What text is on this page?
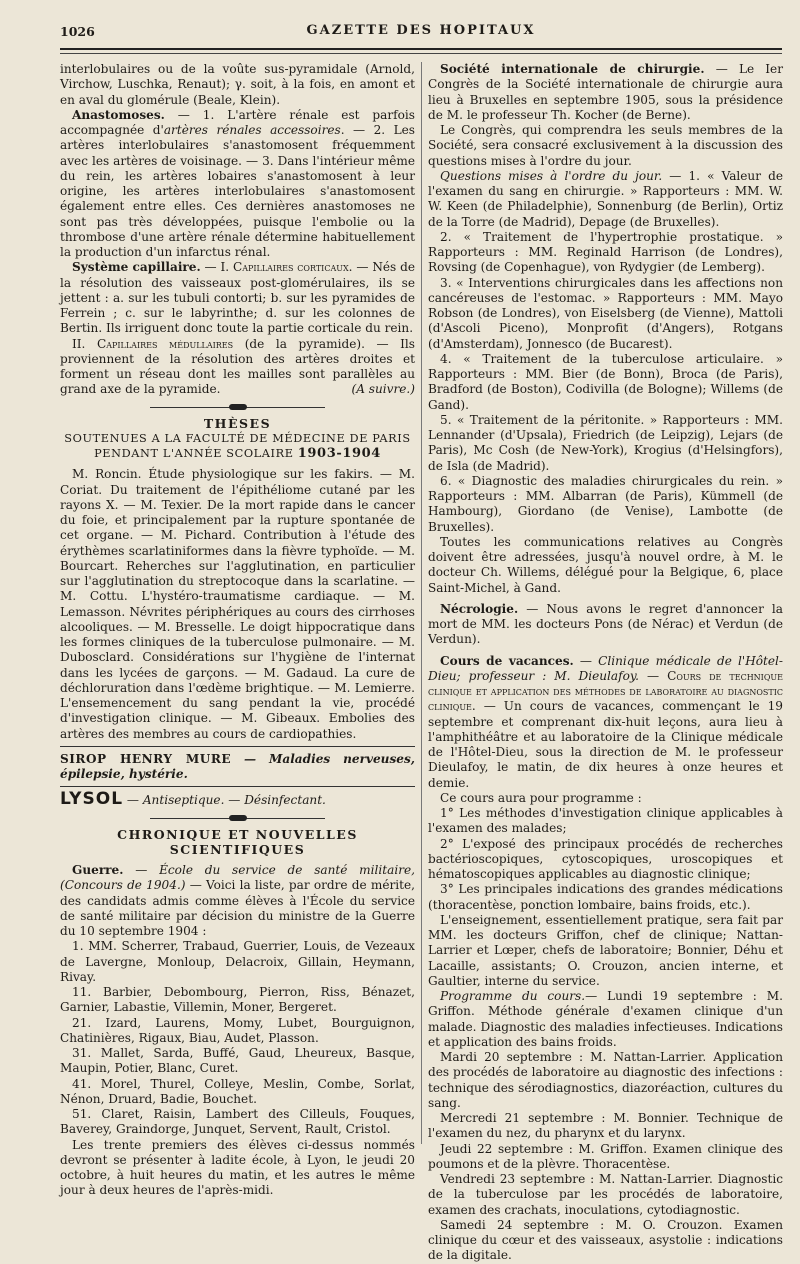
1026	GAZETTE DES HOPITAUX

interlobulaires ou de la voûte sus-pyramidale (Arnold, Virchow, Luschka, Renaut); γ. soit, à la fois, en amont et en aval du glomérule (Beale, Klein).

Anastomoses. — 1. L'artère rénale est parfois accompagnée d'artères rénales accessoires. — 2. Les artères interlobulaires s'anastomosent fréquemment avec les artères de voisinage. — 3. Dans l'intérieur même du rein, les artères lobaires s'anastomosent à leur origine, les artères interlobulaires s'anastomosent également entre elles. Ces dernières anastomoses ne sont pas très développées, puisque l'embolie ou la thrombose d'une artère rénale détermine habituellement la production d'un infarctus rénal.

Système capillaire. — I. Capillaires corticaux. — Nés de la résolution des vaisseaux post-glomérulaires, ils se jettent : a. sur les tubuli contorti; b. sur les pyramides de Ferrein ; c. sur le labyrinthe; d. sur les colonnes de Bertin. Ils irriguent donc toute la partie corticale du rein.

II. Capillaires médullaires (de la pyramide). — Ils proviennent de la résolution des artères droites et forment un réseau dont les mailles sont parallèles au grand axe de la pyramide.	(A suivre.)

THÈSES
SOUTENUES A LA FACULTÉ DE MÉDECINE DE PARIS
PENDANT L'ANNÉE SCOLAIRE 1903-1904

M. Roncin. Étude physiologique sur les fakirs. — M. Coriat. Du traitement de l'épithéliome cutané par les rayons X. — M. Texier. De la mort rapide dans le cancer du foie, et principalement par la rupture spontanée de cet organe. — M. Pichard. Contribution à l'étude des érythèmes scarlatiniformes dans la fièvre typhoïde. — M. Bourcart. Reherches sur l'agglutination, en particulier sur l'agglutination du streptocoque dans la scarlatine. — M. Cottu. L'hystéro-traumatisme cardiaque. — M. Lemasson. Névrites périphériques au cours des cirrhoses alcooliques. — M. Bresselle. Le doigt hippocratique dans les formes cliniques de la tuberculose pulmonaire. — M. Dubosclard. Considérations sur l'hygiène de l'internat dans les lycées de garçons. — M. Gadaud. La cure de déchloruration dans l'œdème brightique. — M. Lemierre. L'ensemencement du sang pendant la vie, procédé d'investigation clinique. — M. Gibeaux. Embolies des artères des membres au cours de cardiopathies.

SIROP HENRY MURE — Maladies nerveuses, épilepsie, hystérie.

LYSOL — Antiseptique. — Désinfectant.

CHRONIQUE ET NOUVELLES SCIENTIFIQUES

Guerre. — École du service de santé militaire, (Concours de 1904.) — Voici la liste, par ordre de mérite, des candidats admis comme élèves à l'École du service de santé militaire par décision du ministre de la Guerre du 10 septembre 1904 :

1. MM. Scherrer, Trabaud, Guerrier, Louis, de Vezeaux de Lavergne, Monloup, Delacroix, Gillain, Heymann, Rivay.

11. Barbier, Debombourg, Pierron, Riss, Bénazet, Garnier, Labastie, Villemin, Moner, Bergeret.

21. Izard, Laurens, Momy, Lubet, Bourguignon, Chatinières, Rigaux, Biau, Audet, Plasson.

31. Mallet, Sarda, Buffé, Gaud, Lheureux, Basque, Maupin, Potier, Blanc, Curet.

41. Morel, Thurel, Colleye, Meslin, Combe, Sorlat, Nénon, Druard, Badie, Bouchet.

51. Claret, Raisin, Lambert des Cilleuls, Fouques, Baverey, Graindorge, Junquet, Servent, Rault, Cristol.

Les trente premiers des élèves ci-dessus nommés devront se présenter à ladite école, à Lyon, le jeudi 20 octobre, à huit heures du matin, et les autres le même jour à deux heures de l'après-midi.

Société internationale de chirurgie. — Le Ier Congrès de la Société internationale de chirurgie aura lieu à Bruxelles en septembre 1905, sous la présidence de M. le professeur Th. Kocher (de Berne).

Le Congrès, qui comprendra les seuls membres de la Société, sera consacré exclusivement à la discussion des questions mises à l'ordre du jour.

Questions mises à l'ordre du jour. — 1. « Valeur de l'examen du sang en chirurgie. » Rapporteurs : MM. W. W. Keen (de Philadelphie), Sonnenburg (de Berlin), Ortiz de la Torre (de Madrid), Depage (de Bruxelles).

2. « Traitement de l'hypertrophie prostatique. » Rapporteurs : MM. Reginald Harrison (de Londres), Rovsing (de Copenhague), von Rydygier (de Lemberg).

3. « Interventions chirurgicales dans les affections non cancéreuses de l'estomac. » Rapporteurs : MM. Mayo Robson (de Londres), von Eiselsberg (de Vienne), Mattoli (d'Ascoli Piceno), Monprofit (d'Angers), Rotgans (d'Amsterdam), Jonnesco (de Bucarest).

4. « Traitement de la tuberculose articulaire. » Rapporteurs : MM. Bier (de Bonn), Broca (de Paris), Bradford (de Boston), Codivilla (de Bologne); Willems (de Gand).

5. « Traitement de la péritonite. » Rapporteurs : MM. Lennander (d'Upsala), Friedrich (de Leipzig), Lejars (de Paris), Mc Cosh (de New-York), Krogius (d'Helsingfors), de Isla (de Madrid).

6. « Diagnostic des maladies chirurgicales du rein. » Rapporteurs : MM. Albarran (de Paris), Kümmell (de Hambourg), Giordano (de Venise), Lambotte (de Bruxelles).

Toutes les communications relatives au Congrès doivent être adressées, jusqu'à nouvel ordre, à M. le docteur Ch. Willems, délégué pour la Belgique, 6, place Saint-Michel, à Gand.

Nécrologie. — Nous avons le regret d'annoncer la mort de MM. les docteurs Pons (de Nérac) et Verdun (de Verdun).

Cours de vacances. — Clinique médicale de l'Hôtel-Dieu; professeur : M. Dieulafoy. — Cours de technique clinique et application des méthodes de laboratoire au diagnostic clinique. — Un cours de vacances, commençant le 19 septembre et comprenant dix-huit leçons, aura lieu à l'amphithéâtre et au laboratoire de la Clinique médicale de l'Hôtel-Dieu, sous la direction de M. le professeur Dieulafoy, le matin, de dix heures à onze heures et demie.

Ce cours aura pour programme :

1° Les méthodes d'investigation clinique applicables à l'examen des malades;

2° L'exposé des principaux procédés de recherches bactérioscopiques, cytoscopiques, uroscopiques et hématoscopiques applicables au diagnostic clinique;

3° Les principales indications des grandes médications (thoracentèse, ponction lombaire, bains froids, etc.).

L'enseignement, essentiellement pratique, sera fait par MM. les docteurs Griffon, chef de clinique; Nattan-Larrier et Lœper, chefs de laboratoire; Bonnier, Déhu et Lacaille, assistants; O. Crouzon, ancien interne, et Gaultier, interne du service.

Programme du cours.— Lundi 19 septembre : M. Griffon. Méthode générale d'examen clinique d'un malade. Diagnostic des maladies infectieuses. Indications et application des bains froids.

Mardi 20 septembre : M. Nattan-Larrier. Application des procédés de laboratoire au diagnostic des infections : technique des sérodiagnostics, diazoréaction, cultures du sang.

Mercredi 21 septembre : M. Bonnier. Technique de l'examen du nez, du pharynx et du larynx.

Jeudi 22 septembre : M. Griffon. Examen clinique des poumons et de la plèvre. Thoracentèse.

Vendredi 23 septembre : M. Nattan-Larrier. Diagnostic de la tuberculose par les procédés de laboratoire, examen des crachats, inoculations, cytodiagnostic.

Samedi 24 septembre : M. O. Crouzon. Examen clinique du cœur et des vaisseaux, asystolie : indications de la digitale.
